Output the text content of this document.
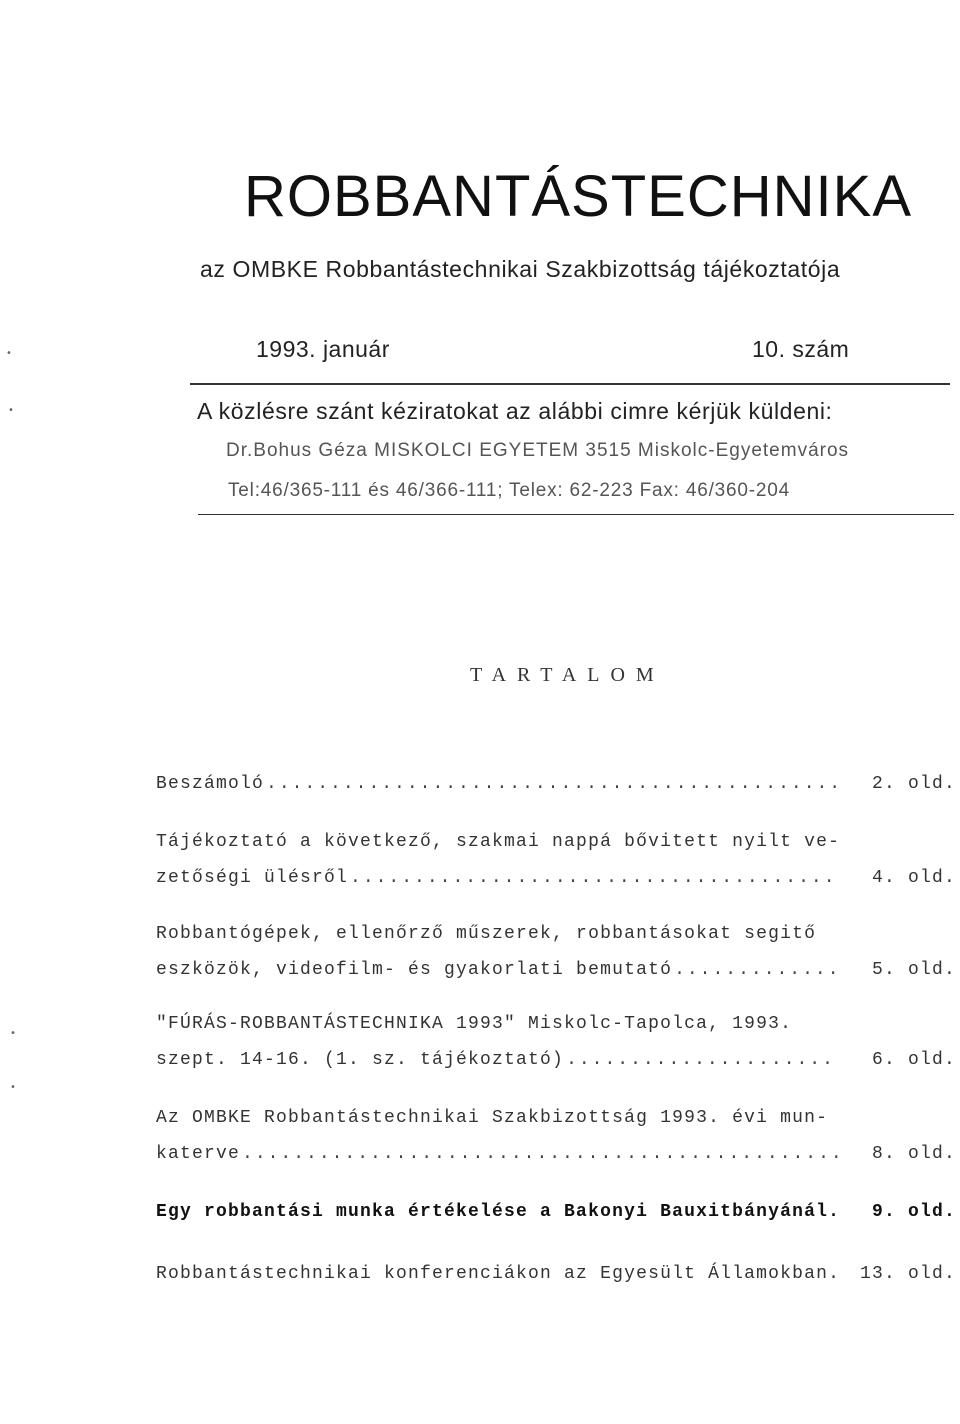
ROBBANTÁSTECHNIKA
az OMBKE Robbantástechnikai Szakbizottság tájékoztatója
1993. január	10. szám
A közlésre szánt kéziratokat az alábbi cimre kérjük küldeni:
Dr.Bohus Géza MISKOLCI EGYETEM 3515 Miskolc-Egyetemváros
Tel:46/365-111 és 46/366-111; Telex: 62-223 Fax: 46/360-204
TARTALOM
Beszámoló .....	2. old.
Tájékoztató a következő, szakmai nappá bővitett nyilt ve-
zetőségi ülésről .....	4. old.
Robbantógépek, ellenőrző műszerek, robbantásokat segitő
eszközök, videofilm- és gyakorlati bemutató .....	5. old.
"FÚRÁS-ROBBANTÁSTECHNIKA 1993" Miskolc-Tapolca, 1993.
szept. 14-16. (1. sz. tájékoztató) .....	6. old.
Az OMBKE Robbantástechnikai Szakbizottság 1993. évi mun-
katerve .....	8. old.
Egy robbantási munka értékelése a Bakonyi Bauxitbányánál.	9. old.
Robbantástechnikai konferenciákon az Egyesült Államokban.	13. old.
•
•
•
•
